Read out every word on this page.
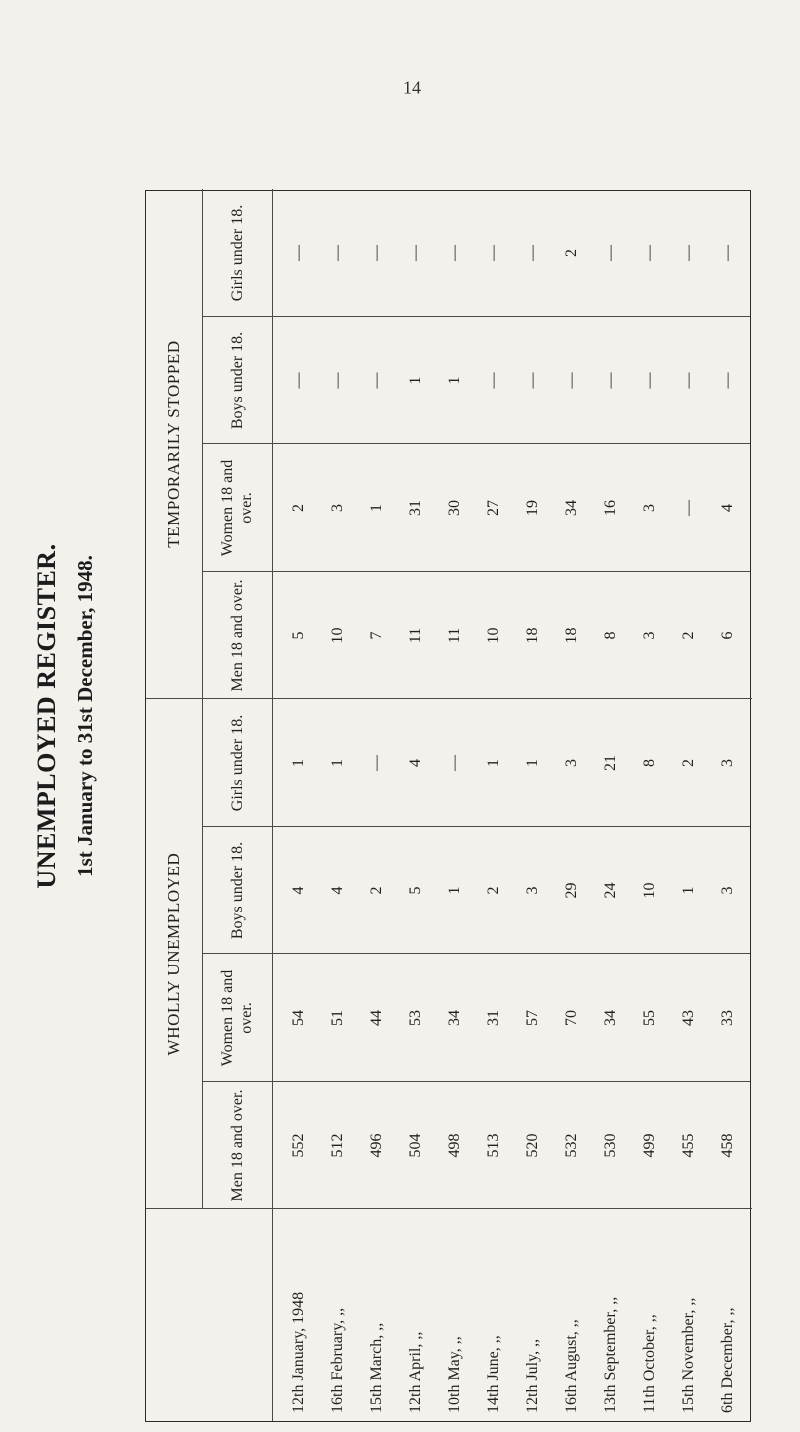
14
UNEMPLOYED REGISTER. 1st January to 31st December, 1948.
WHOLLY UNEMPLOYED
TEMPORARILY STOPPED
Men 18 and over.
Women 18 and over.
Boys under 18.
Girls under 18.
Men 18 and over.
Women 18 and over.
Boys under 18.
Girls under 18.
12th January, 1948
552
54
4
1
5
2
—
—
16th February, ,,
512
51
4
1
10
3
—
—
15th March, ,,
496
44
2
—
7
1
—
—
12th April, ,,
504
53
5
4
11
31
1
—
10th May, ,,
498
34
1
—
11
30
1
—
14th June, ,,
513
31
2
1
10
27
—
—
12th July, ,,
520
57
3
1
18
19
—
—
16th August, ,,
532
70
29
3
18
34
—
2
13th September, ,,
530
34
24
21
8
16
—
—
11th October, ,,
499
55
10
8
3
3
—
—
15th November, ,,
455
43
1
2
2
—
—
—
6th December, ,,
458
33
3
3
6
4
—
—
